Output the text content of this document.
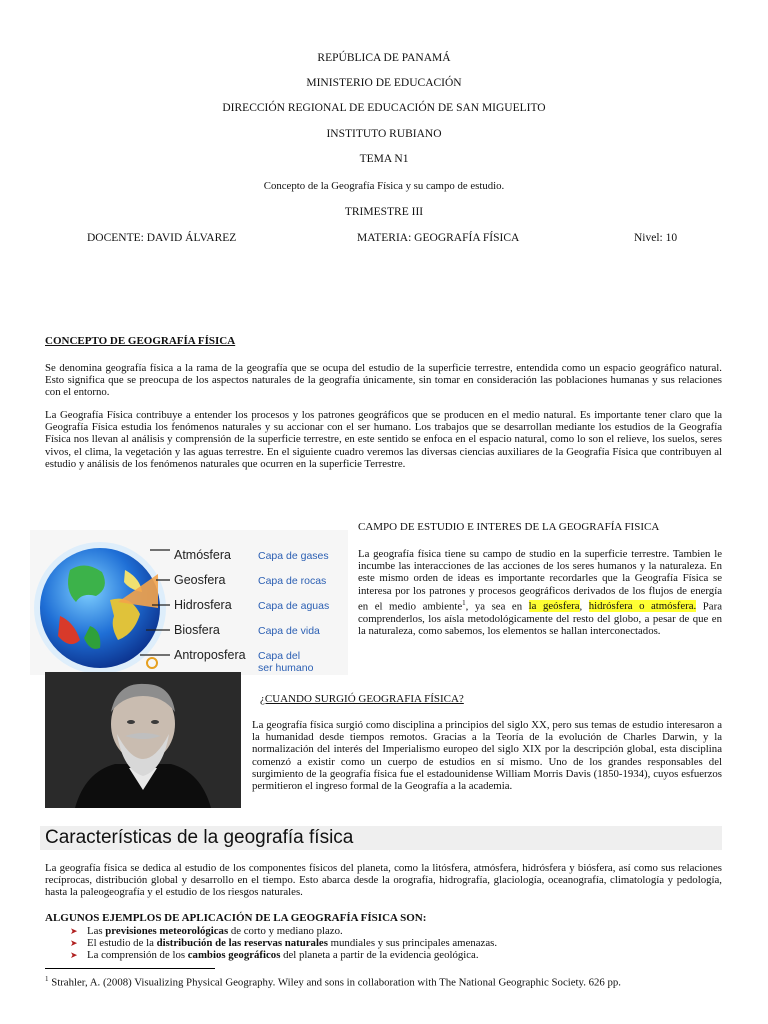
REPÚBLICA DE PANAMÁ
MINISTERIO DE EDUCACIÓN
DIRECCIÓN REGIONAL DE EDUCACIÓN DE SAN MIGUELITO
INSTITUTO RUBIANO
TEMA N1
Concepto de la Geografía Física y su campo de estudio.
TRIMESTRE III
DOCENTE: DAVID ÁLVAREZ	MATERIA: GEOGRAFÍA FÍSICA	Nivel: 10
CONCEPTO DE GEOGRAFÍA FÍSICA
Se denomina geografía física a la rama de la geografía que se ocupa del estudio de la superficie terrestre, entendida como un espacio geográfico natural. Esto significa que se preocupa de los aspectos naturales de la geografía únicamente, sin tomar en consideración las poblaciones humanas y sus relaciones con el entorno.
La Geografía Física contribuye a entender los procesos y los patrones geográficos que se producen en el medio natural. Es importante tener claro que la Geografía Física estudia los fenómenos naturales y su accionar con el ser humano. Los trabajos que se desarrollan mediante los estudios de la Geografía Física nos llevan al análisis y comprensión de la superficie terrestre, en este sentido se enfoca en el espacio natural, como lo son el relieve, los suelos, seres vivos, el clima, la vegetación y las aguas terrestre. En el siguiente cuadro veremos las diversas ciencias auxiliares de la Geografía Física que contribuyen al estudio y análisis de los fenómenos naturales que ocurren en la superficie Terrestre.
Atmósfera
Geosfera
Hidrosfera
Biosfera
Antroposfera
Capa de gases
Capa de rocas
Capa de aguas
Capa de vida
Capa del
ser humano
CAMPO DE ESTUDIO E INTERES DE LA GEOGRAFÍA FISICA
La geografía física tiene su campo de studio en la superficie terrestre. Tambien le incumbe las interacciones de las acciones de los seres humanos y la naturaleza. En este mismo orden de ideas es importante recordarles que la Geografía Física se interesa por los patrones y procesos geográficos derivados de los flujos de energía en el medio ambiente$^1$, ya sea en la geósfera, hidrósfera o atmósfera. Para comprenderlos, los aísla metodológicamente del resto del globo, a pesar de que en la naturaleza, como sabemos, los elementos se hallan interconectados.
¿CUANDO SURGIÓ GEOGRAFIA FÍSICA?
La geografía física surgió como disciplina a principios del siglo XX, pero sus temas de estudio interesaron a la humanidad desde tiempos remotos. Gracias a la Teoría de la evolución de Charles Darwin, y la normalización del interés del Imperialismo europeo del siglo XIX por la descripción global, esta disciplina comenzó a existir como un cuerpo de estudios en sí mismo. Uno de los grandes responsables del surgimiento de la geografía física fue el estadounidense William Morris Davis (1850-1934), cuyos esfuerzos permitieron el ingreso formal de la Geografía a la academia.
Características de la geografía física
La geografía física se dedica al estudio de los componentes físicos del planeta, como la litósfera, atmósfera, hidrósfera y biósfera, así como sus relaciones recíprocas, distribución global y desarrollo en el tiempo. Esto abarca desde la orografía, hidrografía, glaciología, oceanografía, climatología y pedología, hasta la paleogeografía y el estudio de los riesgos naturales.
ALGUNOS EJEMPLOS DE APLICACIÓN DE LA GEOGRAFÍA FÍSICA SON:
➤ Las previsiones meteorológicas de corto y mediano plazo.
➤ El estudio de la distribución de las reservas naturales mundiales y sus principales amenazas.
➤ La comprensión de los cambios geográficos del planeta a partir de la evidencia geológica.
$^1$ Strahler, A. (2008) Visualizing Physical Geography. Wiley and sons in collaboration with The National Geographic Society. 626 pp.
